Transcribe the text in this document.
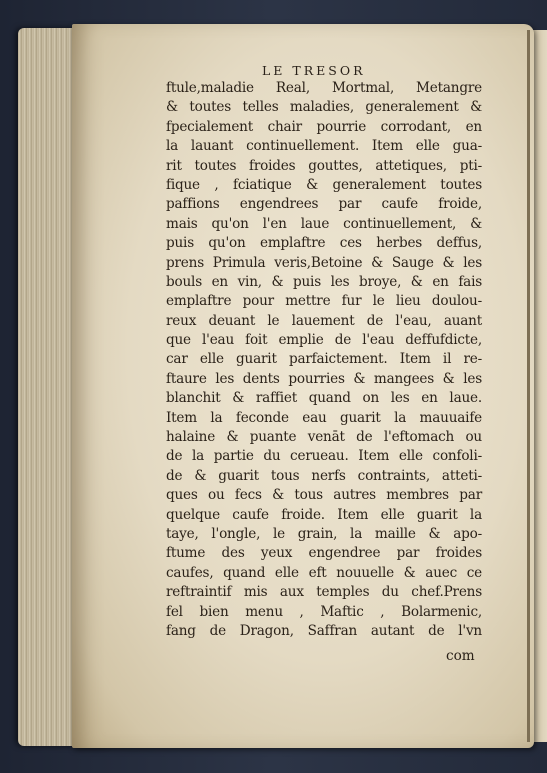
LE TRESOR
ftule,maladie Real, Mortmal, Metangre
& toutes telles maladies, generalement &
fpecialement chair pourrie corrodant, en
la lauant continuellement. Item elle gua-
rit toutes froides gouttes, attetiques, pti-
fique , fciatique & generalement toutes
paffions engendrees par caufe froide,
mais qu'on l'en laue continuellement, &
puis qu'on emplaftre ces herbes deffus,
prens Primula veris,Betoine & Sauge & les
bouls en vin, & puis les broye, & en fais
emplaftre pour mettre fur le lieu doulou-
reux deuant le lauement de l'eau, auant
que l'eau foit emplie de l'eau deffufdicte,
car elle guarit parfaictement. Item il re-
ftaure les dents pourries & mangees & les
blanchit & raffiet quand on les en laue.
Item la feconde eau guarit la mauuaife
halaine & puante venāt de l'eftomach ou
de la partie du cerueau. Item elle confoli-
de & guarit tous nerfs contraints, atteti-
ques ou fecs & tous autres membres par
quelque caufe froide. Item elle guarit la
taye, l'ongle, le grain, la maille & apo-
ftume des yeux engendree par froides
caufes, quand elle eft nouuelle & auec ce
reftraintif mis aux temples du chef.Prens
fel bien menu , Maftic , Bolarmenic,
fang de Dragon, Saffran autant de l'vn
com
